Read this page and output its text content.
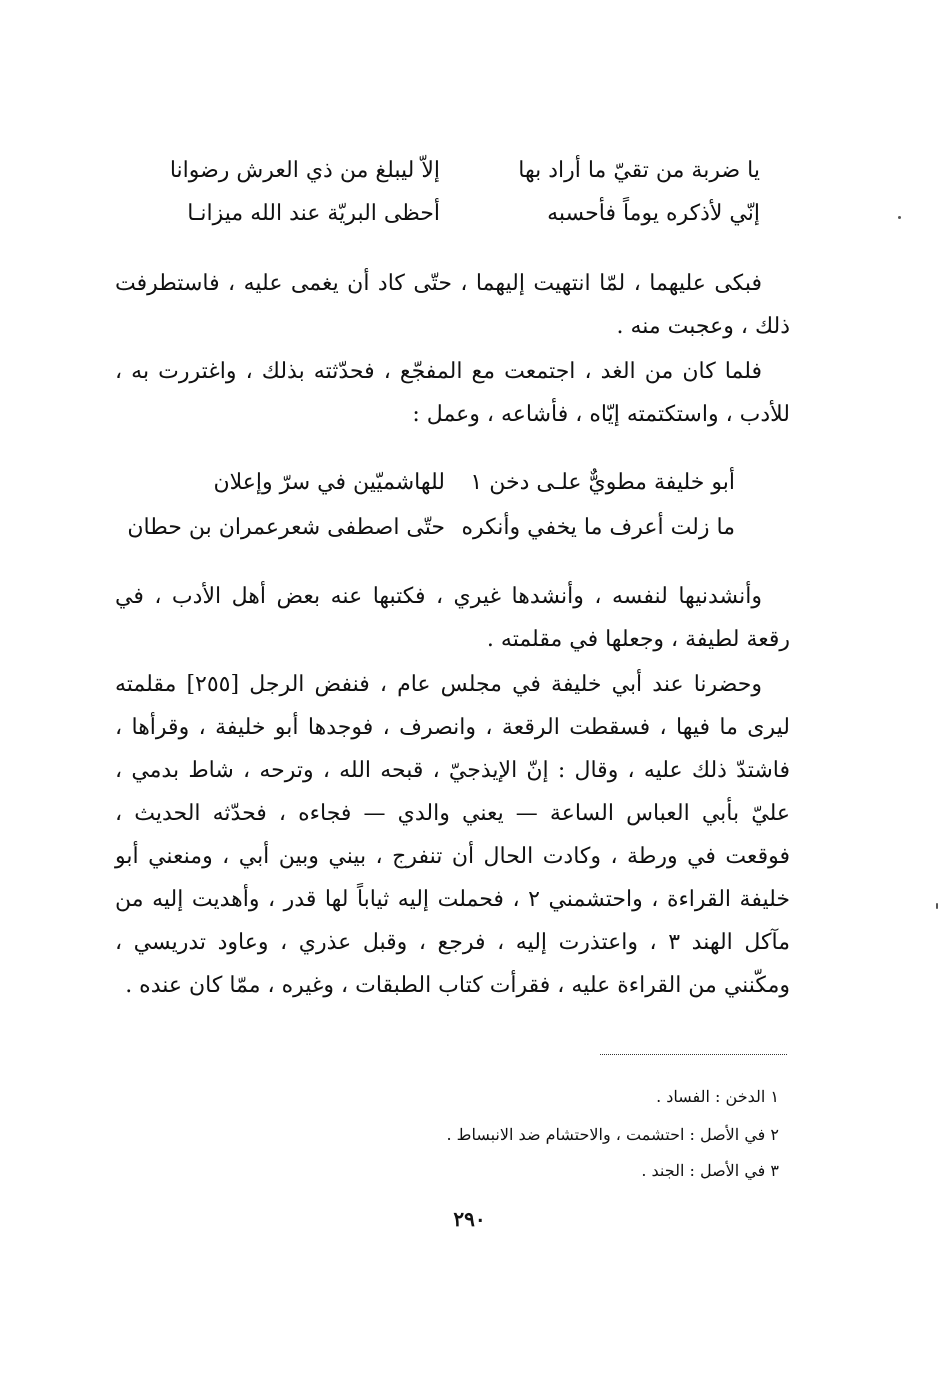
يا ضربة من تقيّ ما أراد بها
إلاّ ليبلغ من ذي العرش رضوانا
إنّي لأذكره يوماً فأحسبه
أحظى البريّة عند الله ميزانـا
فبكى عليهما ، لمّا انتهيت إليهما ، حتّى كاد أن يغمى عليه ، فاستطرفت ذلك ، وعجبت منه .
فلما كان من الغد ، اجتمعت مع المفجّع ، فحدّثته بذلك ، واغتررت به ، للأدب ، واستكتمته إيّاه ، فأشاعه ، وعمل :
أبو خليفة مطويٌّ علـى دخن ١
للهاشميّين في سرّ وإعلان
ما زلت أعرف ما يخفي وأنكره
حتّى اصطفى شعرعمران بن حطان
وأنشدنيها لنفسه ، وأنشدها غيري ، فكتبها عنه بعض أهل الأدب ، في رقعة لطيفة ، وجعلها في مقلمته .
وحضرنا عند أبي خليفة في مجلس عام ، فنفض الرجل [٢٥٥] مقلمته ليرى ما فيها ، فسقطت الرقعة ، وانصرف ، فوجدها أبو خليفة ، وقرأها ، فاشتدّ ذلك عليه ، وقال : إنّ الإيذجيّ ، قبحه الله ، وترحه ، شاط بدمي ، عليّ بأبي العباس الساعة — يعني والدي — فجاءه ، فحدّثه الحديث ، فوقعت في ورطة ، وكادت الحال أن تنفرج ، بيني وبين أبي ، ومنعني أبو خليفة القراءة ، واحتشمني ٢ ، فحملت إليه ثياباً لها قدر ، وأهديت إليه من مآكل الهند ٣ ، واعتذرت إليه ، فرجع ، وقبل عذري ، وعاود تدريسي ، ومكّنني من القراءة عليه ، فقرأت كتاب الطبقات ، وغيره ، ممّا كان عنده .
١ الدخن : الفساد .
٢ في الأصل : احتشمت ، والاحتشام ضد الانبساط .
٣ في الأصل : الجند .
٢٩٠
